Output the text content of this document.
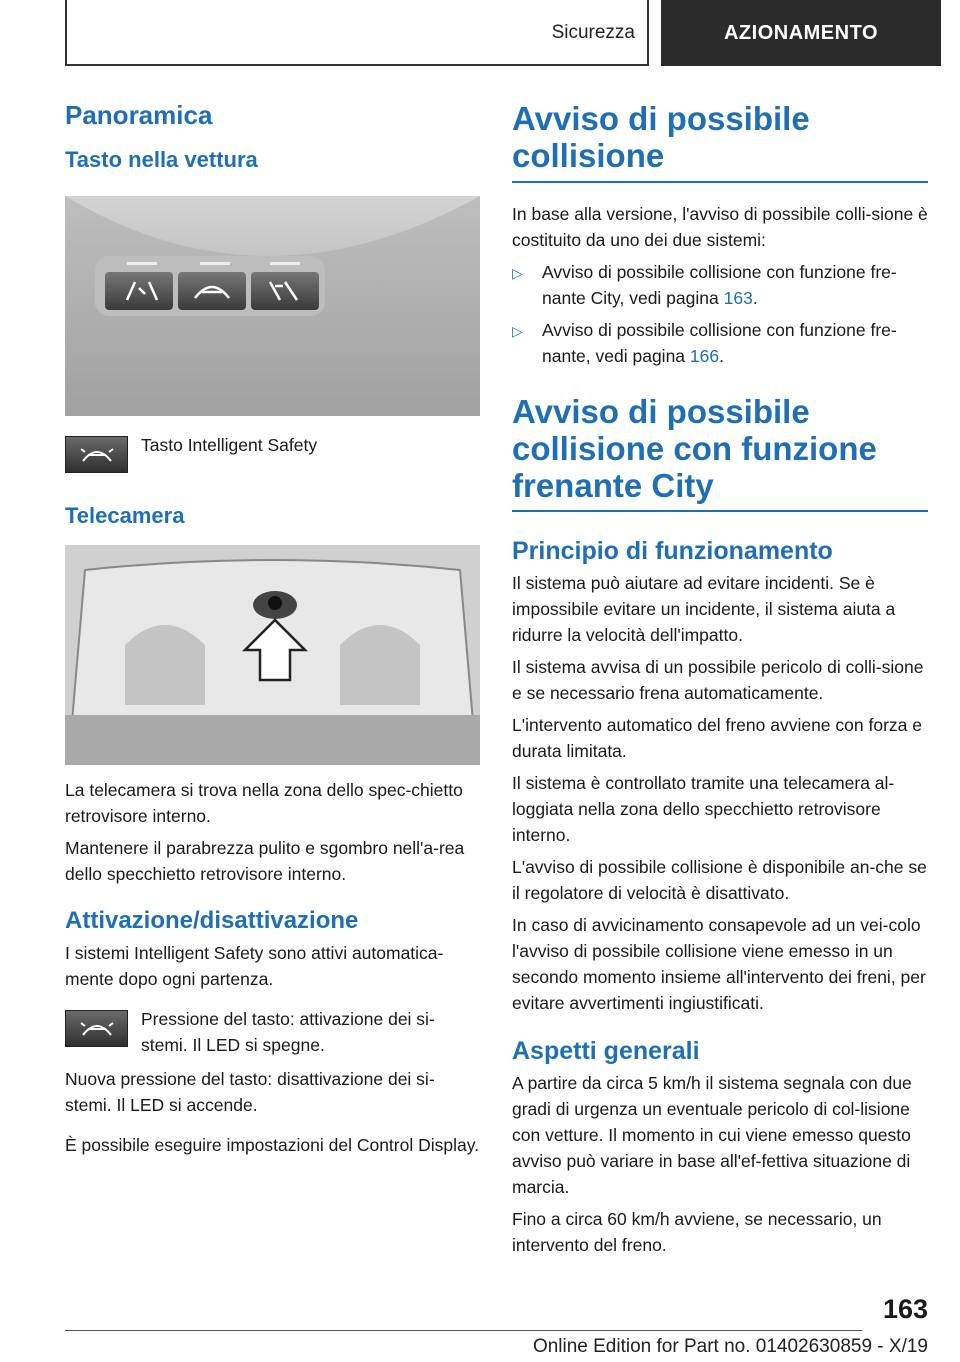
Sicurezza	AZIONAMENTO
Panoramica
Tasto nella vettura

Tasto Intelligent Safety

Telecamera

La telecamera si trova nella zona dello spec-chietto retrovisore interno.

Mantenere il parabrezza pulito e sgombro nell'a-rea dello specchietto retrovisore interno.

Attivazione/disattivazione

I sistemi Intelligent Safety sono attivi automatica-mente dopo ogni partenza.

Pressione del tasto: attivazione dei si-stemi. Il LED si spegne.

Nuova pressione del tasto: disattivazione dei si-stemi. Il LED si accende.

È possibile eseguire impostazioni del Control Display.

Avviso di possibile collisione

In base alla versione, l'avviso di possibile colli-sione è costituito da uno dei due sistemi:

▷	Avviso di possibile collisione con funzione fre-nante City, vedi pagina 163.
▷	Avviso di possibile collisione con funzione fre-nante, vedi pagina 166.
Avviso di possibile collisione con funzione frenante City
Principio di funzionamento

Il sistema può aiutare ad evitare incidenti. Se è impossibile evitare un incidente, il sistema aiuta a ridurre la velocità dell'impatto.

Il sistema avvisa di un possibile pericolo di colli-sione e se necessario frena automaticamente.

L'intervento automatico del freno avviene con forza e durata limitata.

Il sistema è controllato tramite una telecamera al-loggiata nella zona dello specchietto retrovisore interno.

L'avviso di possibile collisione è disponibile an-che se il regolatore di velocità è disattivato.

In caso di avvicinamento consapevole ad un vei-colo l'avviso di possibile collisione viene emesso in un secondo momento insieme all'intervento dei freni, per evitare avvertimenti ingiustificati.

Aspetti generali

A partire da circa 5 km/h il sistema segnala con due gradi di urgenza un eventuale pericolo di col-lisione con vetture. Il momento in cui viene emesso questo avviso può variare in base all'ef-fettiva situazione di marcia.

Fino a circa 60 km/h avviene, se necessario, un intervento del freno.

163
Online Edition for Part no. 01402630859 - X/19
